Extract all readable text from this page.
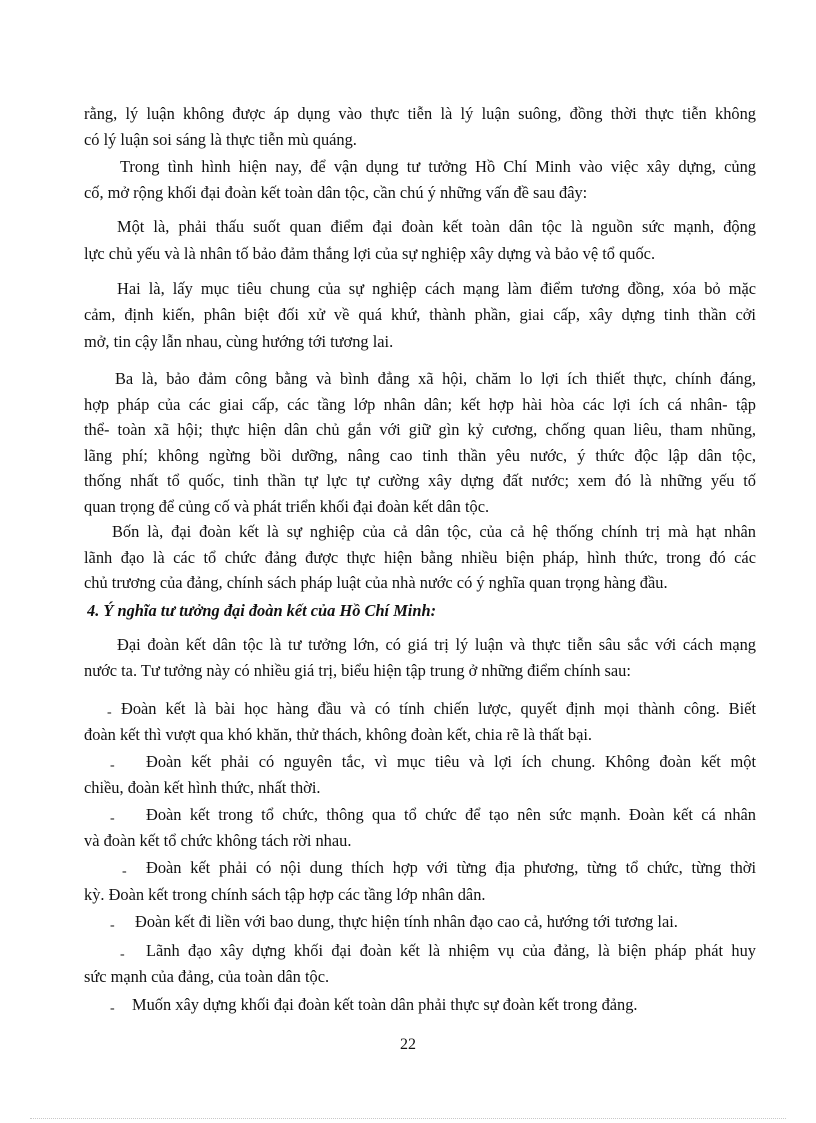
rằng, lý luận không được áp dụng vào thực tiễn là lý luận suông, đồng thời thực tiễn không
có lý luận soi sáng là thực tiễn mù quáng.
Trong tình hình hiện nay, để vận dụng tư tưởng Hồ Chí Minh vào việc xây dựng, củng
cố, mở rộng khối đại đoàn kết toàn dân tộc, cần chú ý những vấn đề sau đây:
Một là, phải thấu suốt quan điểm đại đoàn kết toàn dân tộc là nguồn sức mạnh, động
lực chủ yếu và là nhân tố bảo đảm thắng lợi của sự nghiệp xây dựng và bảo vệ tổ quốc.
Hai là, lấy mục tiêu chung của sự nghiệp cách mạng làm điểm tương đồng, xóa bỏ mặc
cảm, định kiến, phân biệt đối xử về quá khứ, thành phần, giai cấp, xây dựng tinh thần cởi
mở, tin cậy lẫn nhau, cùng hướng tới tương lai.
Ba là, bảo đảm công bằng và bình đẳng xã hội, chăm lo lợi ích thiết thực, chính đáng,
hợp pháp của các giai cấp, các tầng lớp nhân dân; kết hợp hài hòa các lợi ích cá nhân- tập
thể- toàn xã hội; thực hiện dân chủ gắn với giữ gìn kỷ cương, chống quan liêu, tham nhũng,
lãng phí; không ngừng bồi dưỡng, nâng cao tinh thần yêu nước, ý thức độc lập dân tộc,
thống nhất tổ quốc, tinh thần tự lực tự cường xây dựng đất nước; xem đó là những yếu tố
quan trọng để củng cố và phát triển khối đại đoàn kết dân tộc.
Bốn là, đại đoàn kết là sự nghiệp của cả dân tộc, của cả hệ thống chính trị mà hạt nhân
lãnh đạo là các tổ chức đảng được thực hiện bằng nhiều biện pháp, hình thức, trong đó các
chủ trương của đảng, chính sách pháp luật của nhà nước có ý nghĩa quan trọng hàng đầu.
4. Ý nghĩa tư tưởng đại đoàn kết của Hồ Chí Minh:
Đại đoàn kết dân tộc là tư tưởng lớn, có giá trị lý luận và thực tiễn sâu sắc với cách mạng
nước ta. Tư tưởng này có nhiều giá trị, biểu hiện tập trung ở những điểm chính sau:
- Đoàn kết là bài học hàng đầu và có tính chiến lược, quyết định mọi thành công. Biết
đoàn kết thì vượt qua khó khăn, thử thách, không đoàn kết, chia rẽ là thất bại.
- Đoàn kết phải có nguyên tắc, vì mục tiêu và lợi ích chung. Không đoàn kết một
chiều, đoàn kết hình thức, nhất thời.
- Đoàn kết trong tổ chức, thông qua tổ chức để tạo nên sức mạnh. Đoàn kết cá nhân
và đoàn kết tổ chức không tách rời nhau.
- Đoàn kết phải có nội dung thích hợp với từng địa phương, từng tổ chức, từng thời
kỳ. Đoàn kết trong chính sách tập hợp các tầng lớp nhân dân.
- Đoàn kết đi liền với bao dung, thực hiện tính nhân đạo cao cả, hướng tới tương lai.
- Lãnh đạo xây dựng khối đại đoàn kết là nhiệm vụ của đảng, là biện pháp phát huy
sức mạnh của đảng, của toàn dân tộc.
- Muốn xây dựng khối đại đoàn kết toàn dân phải thực sự đoàn kết trong đảng.
22
